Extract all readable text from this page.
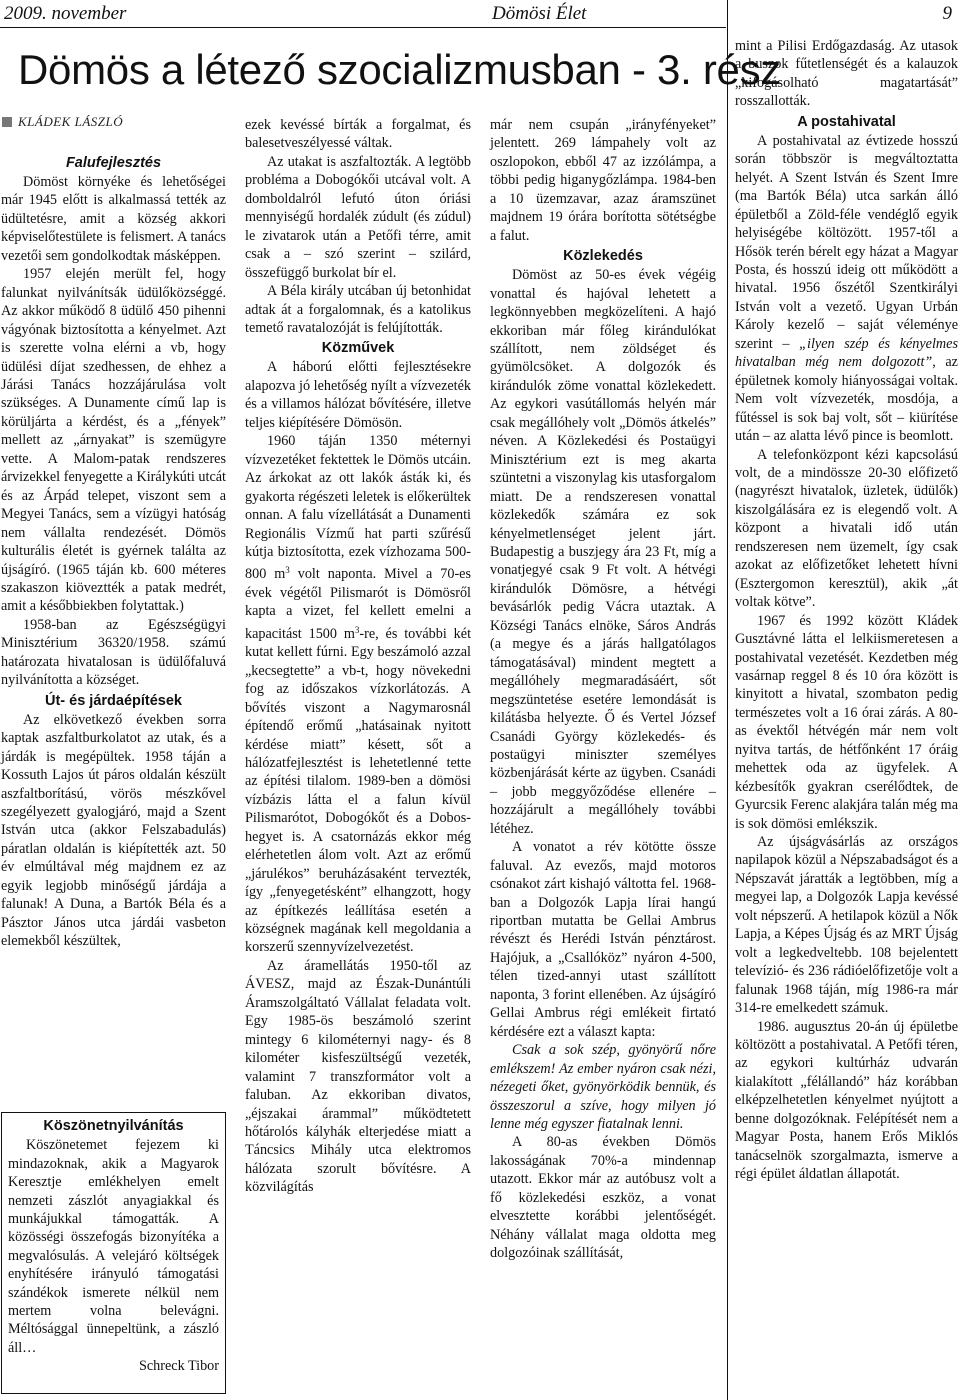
2009. november	Dömösi Élet	9
Dömös a létező szocializmusban - 3. rész
KLÁDEK LÁSZLÓ
Falufejlesztés

Dömöst környéke és lehetőségei már 1945 előtt is alkalmassá tették az üdültetésre, amit a község akkori képviselőtestülete is felismert. A tanács vezetői sem gondolkodtak másképpen.

1957 elején merült fel, hogy falunkat nyilvánítsák üdülőközséggé. Az akkor működő 8 üdülő 450 pihenni vágyónak biztosította a kényelmet. Azt is szerette volna elérni a vb, hogy üdülési díjat szedhessen, de ehhez a Járási Tanács hozzájárulása volt szükséges. A Dunamente című lap is körüljárta a kérdést, és a „fények” mellett az „árnyakat” is szemügyre vette. A Malom-patak rendszeres árvizekkel fenyegette a Királykúti utcát és az Árpád telepet, viszont sem a Megyei Tanács, sem a vízügyi hatóság nem vállalta rendezését. Dömös kulturális életét is gyérnek találta az újságíró. (1965 táján kb. 600 méteres szakaszon kiöveztték a patak medrét, amit a későbbiekben folytattak.)

1958-ban az Egészségügyi Minisztérium 36320/1958. számú határozata hivatalosan is üdülőfaluvá nyilvánította a községet.

Út- és járdaépítések

Az elkövetkező években sorra kaptak aszfaltburkolatot az utak, és a járdák is megépültek. 1958 táján a Kossuth Lajos út páros oldalán készült aszfaltborítású, vörös mészkővel szegélyezett gyalogjáró, majd a Szent István utca (akkor Felszabadulás) páratlan oldalán is kiépítették azt. 50 év elmúltával még majdnem ez az egyik legjobb minőségű járdája a falunak! A Duna, a Bartók Béla és a Pásztor János utca járdái vasbeton elemekből készültek,

Köszönetnyilvánítás

Köszönetemet fejezem ki mindazoknak, akik a Magyarok Keresztje emlékhelyen emelt nemzeti zászlót anyagiakkal és munkájukkal támogatták. A közösségi összefogás bizonyítéka a megvalósulás. A velejáró költségek enyhítésére irányuló támogatási szándékok ismerete nélkül nem mertem volna belevágni. Méltósággal ünnepeltünk, a zászló áll…

Schreck Tibor

ezek kevéssé bírták a forgalmat, és balesetveszélyessé váltak.

Az utakat is aszfaltozták. A legtöbb probléma a Dobogókői utcával volt. A domboldalról lefutó úton óriási mennyiségű hordalék zúdult (és zúdul) le zivatarok után a Petőfi térre, amit csak a – szó szerint – szilárd, összefüggő burkolat bír el.

A Béla király utcában új betonhidat adtak át a forgalomnak, és a katolikus temető ravatalozóját is felújították.

Közművek

A háború előtti fejlesztésekre alapozva jó lehetőség nyílt a vízvezeték és a villamos hálózat bővítésére, illetve teljes kiépítésére Dömösön.

1960 táján 1350 méternyi vízvezetéket fektettek le Dömös utcáin. Az árkokat az ott lakók ásták ki, és gyakorta régészeti leletek is előkerültek onnan. A falu vízellátását a Dunamenti Regionális Vízmű hat parti szűrésű kútja biztosította, ezek vízhozama 500-800 $m^3$ volt naponta. Mivel a 70-es évek végétől Pilismarót is Dömösről kapta a vizet, fel kellett emelni a kapacitást 1500 $m^3-re$, és további két kutat kellett fúrni. Egy beszámoló azzal „kecsegtette” a vb-t, hogy növekedni fog az időszakos vízkorlátozás. A bővítés viszont a Nagymarosnál építendő erőmű „hatásainak nyitott kérdése miatt” késett, sőt a hálózatfejlesztést is lehetetlenné tette az építési tilalom. 1989-ben a dömösi vízbázis látta el a falun kívül Pilismarótot, Dobogókőt és a Dobos-hegyet is. A csatornázás ekkor még elérhetetlen álom volt. Azt az erőmű „járulékos” beruházásaként tervezték, így „fenyegetésként” elhangzott, hogy az építkezés leállítása esetén a községnek magának kell megoldania a korszerű szennyvízelvezetést.

Az áramellátás 1950-től az ÁVESZ, majd az Észak-Dunántúli Áramszolgáltató Vállalat feladata volt. Egy 1985-ös beszámoló szerint mintegy 6 kilométernyi nagy- és 8 kilométer kisfeszültségű vezeték, valamint 7 transzformátor volt a faluban. Az ekkoriban divatos, „éjszakai árammal” működtetett hőtárolós kályhák elterjedése miatt a Táncsics Mihály utca elektromos hálózata szorult bővítésre. A közvilágítás

már nem csupán „irányfényeket” jelentett. 269 lámpahely volt az oszlopokon, ebből 47 az izzólámpa, a többi pedig higanygőzlámpa. 1984-ben a 10 üzemzavar, azaz áramszünet majdnem 19 órára borította sötétségbe a falut.

Közlekedés

Dömöst az 50-es évek végéig vonattal és hajóval lehetett a legkönnyebben megközelíteni. A hajó ekkoriban már főleg kirándulókat szállított, nem zöldséget és gyümölcsöket. A dolgozók és kirándulók zöme vonattal közlekedett. Az egykori vasútállomás helyén már csak megállóhely volt „Dömös átkelés” néven. A Közlekedési és Postaügyi Minisztérium ezt is meg akarta szüntetni a viszonylag kis utasforgalom miatt. De a rendszeresen vonattal közlekedők számára ez sok kényelmetlenséget jelent járt. Budapestig a buszjegy ára 23 Ft, míg a vonatjegyé csak 9 Ft volt. A hétvégi kirándulók Dömösre, a hétvégi bevásárlók pedig Vácra utaztak. A Községi Tanács elnöke, Sáros András (a megye és a járás hallgatólagos támogatásával) mindent megtett a megállóhely megmaradásáért, sőt megszüntetése esetére lemondását is kilátásba helyezte. Ő és Vertel József Csanádi György közlekedés- és postaügyi miniszter személyes közbenjárását kérte az ügyben. Csanádi – jobb meggyőződése ellenére – hozzájárult a megállóhely további létéhez.

A vonatot a rév kötötte össze faluval. Az evezős, majd motoros csónakot zárt kishajó váltotta fel. 1968-ban a Dolgozók Lapja lírai hangú riportban mutatta be Gellai Ambrus révészt és Herédi István pénztárost. Hajójuk, a „Csallóköz” nyáron 4-500, télen tized-annyi utast szállított naponta, 3 forint ellenében. Az újságíró Gellai Ambrus régi emlékeit firtató kérdésére ezt a választ kapta:

Csak a sok szép, gyönyörű nőre emlékszem! Az ember nyáron csak nézi, nézegeti őket, gyönyörködik bennük, és összeszorul a szíve, hogy milyen jó lenne még egyszer fiatalnak lenni.

A 80-as években Dömös lakosságának 70%-a mindennap utazott. Ekkor már az autóbusz volt a fő közlekedési eszköz, a vonat elvesztette korábbi jelentőségét. Néhány vállalat maga oldotta meg dolgozóinak szállítását,

mint a Pilisi Erdőgazdaság. Az utasok a buszok fűtetlenségét és a kalauzok „kifogásolható magatartását” rosszallották.

A postahivatal

A postahivatal az évtizede hosszú során többször is megváltoztatta helyét. A Szent István és Szent Imre (ma Bartók Béla) utca sarkán álló épületből a Zöld-féle vendéglő egyik helyiségébe költözött. 1957-től a Hősök terén bérelt egy házat a Magyar Posta, és hosszú ideig ott működött a hivatal. 1956 őszétől Szentkirályi István volt a vezető. Ugyan Urbán Károly kezelő – saját véleménye szerint – „ilyen szép és kényelmes hivatalban még nem dolgozott”, az épületnek komoly hiányosságai voltak. Nem volt vízvezeték, mosdója, a fűtéssel is sok baj volt, sőt – kiürítése után – az alatta lévő pince is beomlott.

A telefonközpont kézi kapcsolású volt, de a mindössze 20-30 előfizető (nagyrészt hivatalok, üzletek, üdülők) kiszolgálására ez is elegendő volt. A központ a hivatali idő után rendszeresen nem üzemelt, így csak azokat az előfizetőket lehetett hívni (Esztergomon keresztül), akik „át voltak kötve”.

1967 és 1992 között Kládek Gusztávné látta el lelkiismeretesen a postahivatal vezetését. Kezdetben még vasárnap reggel 8 és 10 óra között is kinyitott a hivatal, szombaton pedig természetes volt a 16 órai zárás. A 80-as évektől hétvégén már nem volt nyitva tartás, de hétfőnként 17 óráig mehettek oda az ügyfelek. A kézbesítők gyakran cserélődtek, de Gyurcsik Ferenc alakjára talán még ma is sok dömösi emlékszik.

Az újságvásárlás az országos napilapok közül a Népszabadságot és a Népszavát járatták a legtöbben, míg a megyei lap, a Dolgozók Lapja kevéssé volt népszerű. A hetilapok közül a Nők Lapja, a Képes Újság és az MRT Újság volt a legkedveltebb. 108 bejelentett televízió- és 236 rádióelőfizetője volt a falunak 1968 táján, míg 1986-ra már 314-re emelkedett számuk.

1986. augusztus 20-án új épületbe költözött a postahivatal. A Petőfi téren, az egykori kultúrház udvarán kialakított „félállandó” ház korábban elképzelhetetlen kényelmet nyújtott a benne dolgozóknak. Felépítését nem a Magyar Posta, hanem Erős Miklós tanácselnök szorgalmazta, ismerve a régi épület áldatlan állapotát.
